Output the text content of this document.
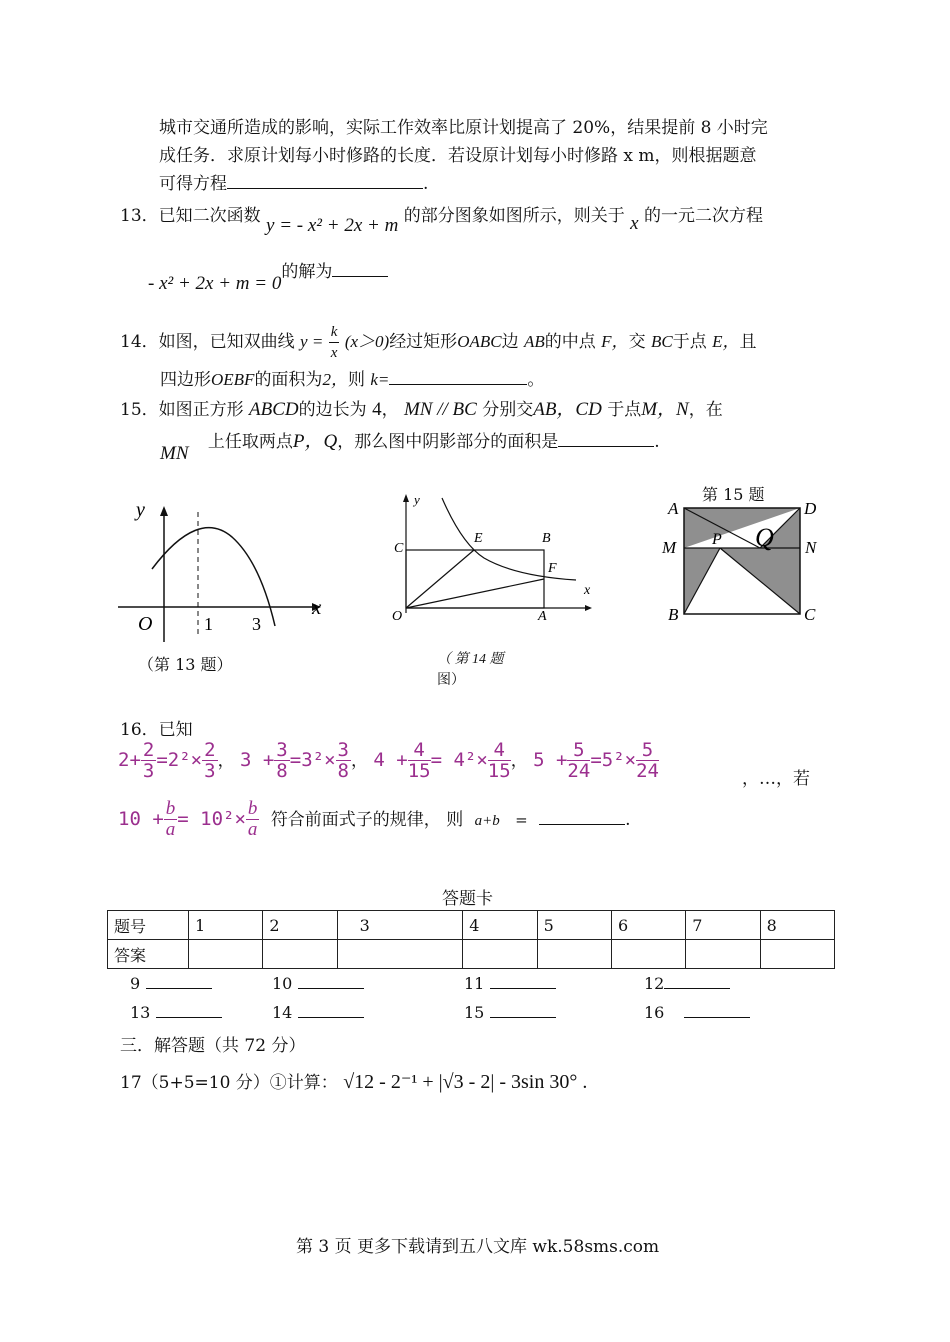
城市交通所造成的影响，实际工作效率比原计划提高了 20%，结果提前 8 小时完
成任务．求原计划每小时修路的长度．若设原计划每小时修路 x m，则根据题意
可得方程	.
13．已知二次函数 y = - x² + 2x + m 的部分图象如图所示，则关于 x 的一元二次方程
- x² + 2x + m = 0的解为
14．如图，已知双曲线 $y = \frac{k}{x} (x>0)$经过矩形OABC边 AB的中点 F，交 BC于点 E，且
四边形OEBF的面积为2，则 k=	。
15．如图正方形 ABCD的边长为 4， MN // BC 分别交AB，CD 于点M，N，在
MN 上任取两点P，Q，那么图中阴影部分的面积是	.
y
x
O	1 3
（第 13 题）
y
x
O	A
B
C
E
F
（ 第 14 题
图）
第 15 题
A	D
M	N
P Q
B	C
16．已知
$2+ \frac{2}{3} =2^2\times \frac{2}{3}$ ， $3 + \frac{3}{8} =3^2\times \frac{3}{8}$ ， $4 + \frac{4}{15} = 4^2\times \frac{4}{15}$ ， $5 + \frac{5}{24} =5^2\times \frac{5}{24}$	，…，若
$10 + \frac{b}{a} = 10^2\times \frac{b}{a}$ 符合前面式子的规律， 则 a+b =	.
答题卡
题号	1	2	3	4	5	6	7	8
答案								
9	10	11	12
13	14	15	16
三．解答题（共 72 分）
17（5+5=10 分）①计算： √12 - 2⁻¹ + |√3 - 2| - 3sin 30° .
第 3 页 更多下载请到五八文库 wk.58sms.com
